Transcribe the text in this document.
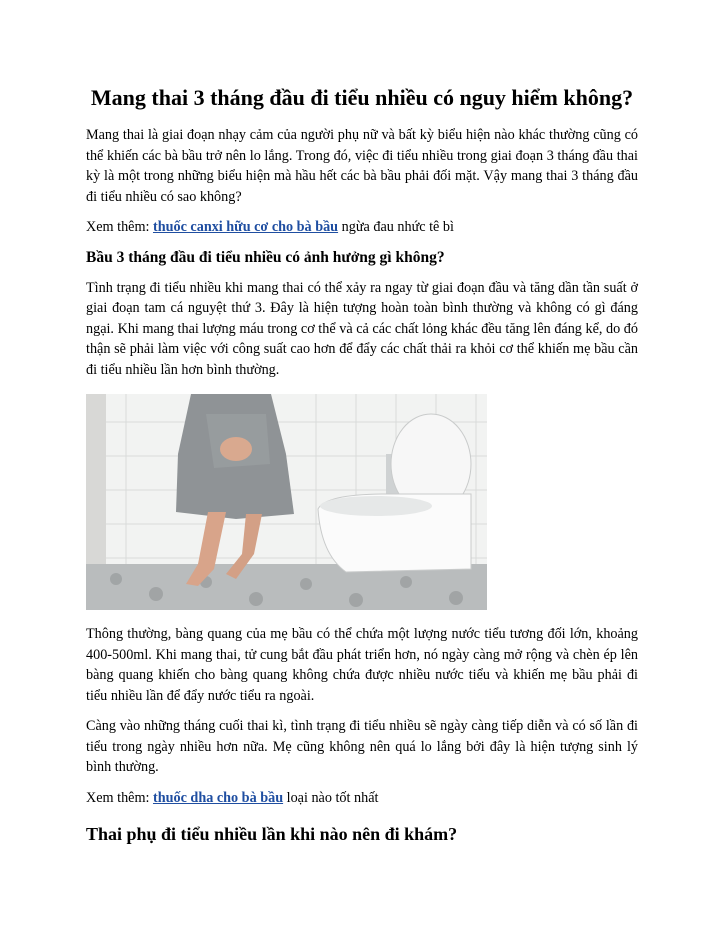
Mang thai 3 tháng đầu đi tiểu nhiều có nguy hiểm không?

Mang thai là giai đoạn nhạy cảm của người phụ nữ và bất kỳ biểu hiện nào khác thường cũng có thể khiến các bà bầu trở nên lo lắng. Trong đó, việc đi tiểu nhiều trong giai đoạn 3 tháng đầu thai kỳ là một trong những biểu hiện mà hầu hết các bà bầu phải đối mặt. Vậy mang thai 3 tháng đầu đi tiểu nhiều có sao không?

Xem thêm: thuốc canxi hữu cơ cho bà bầu ngừa đau nhức tê bì

Bầu 3 tháng đầu đi tiểu nhiều có ảnh hưởng gì không?

Tình trạng đi tiểu nhiều khi mang thai có thể xảy ra ngay từ giai đoạn đầu và tăng dần tần suất ở giai đoạn tam cá nguyệt thứ 3. Đây là hiện tượng hoàn toàn bình thường và không có gì đáng ngại. Khi mang thai lượng máu trong cơ thể và cả các chất lỏng khác đều tăng lên đáng kể, do đó thận sẽ phải làm việc với công suất cao hơn để đẩy các chất thải ra khỏi cơ thể khiến mẹ bầu cần đi tiểu nhiều lần hơn bình thường.

Thông thường, bàng quang của mẹ bầu có thể chứa một lượng nước tiểu tương đối lớn, khoảng 400-500ml. Khi mang thai, tử cung bắt đầu phát triển hơn, nó ngày càng mở rộng và chèn ép lên bàng quang khiến cho bàng quang không chứa được nhiều nước tiểu và khiến mẹ bầu phải đi tiểu nhiều lần để đẩy nước tiểu ra ngoài.

Càng vào những tháng cuối thai kì, tình trạng đi tiểu nhiều sẽ ngày càng tiếp diễn và có số lần đi tiểu trong ngày nhiều hơn nữa. Mẹ cũng không nên quá lo lắng bởi đây là hiện tượng sinh lý bình thường.

Xem thêm: thuốc dha cho bà bầu loại nào tốt nhất

Thai phụ đi tiểu nhiều lần khi nào nên đi khám?
